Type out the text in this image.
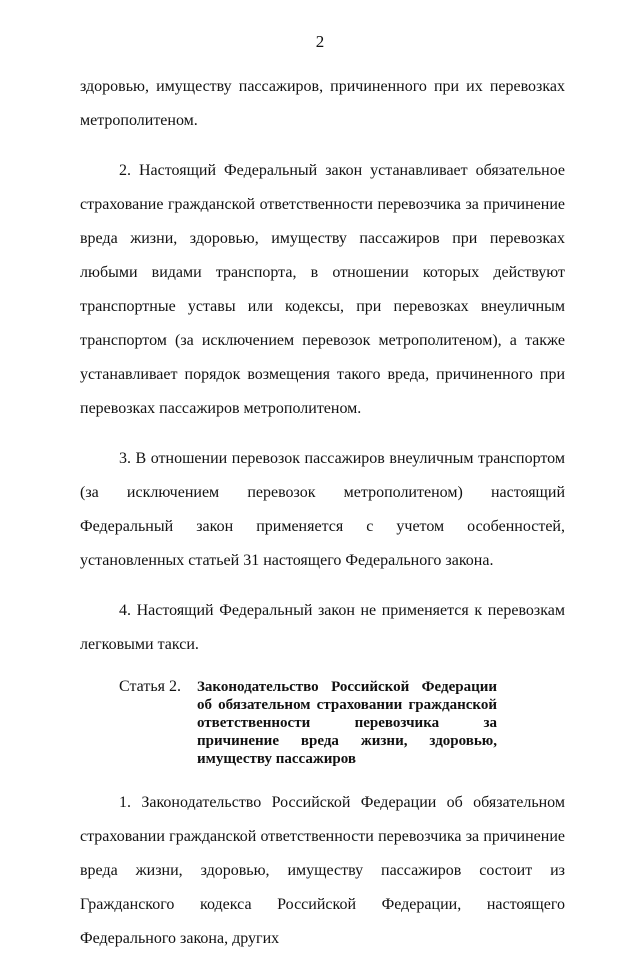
2

здоровью, имуществу пассажиров, причиненного при их перевозках метрополитеном.

2. Настоящий Федеральный закон устанавливает обязательное страхование гражданской ответственности перевозчика за причинение вреда жизни, здоровью, имуществу пассажиров при перевозках любыми видами транспорта, в отношении которых действуют транспортные уставы или кодексы, при перевозках внеуличным транспортом (за исключением перевозок метрополитеном), а также устанавливает порядок возмещения такого вреда, причиненного при перевозках пассажиров метрополитеном.

3. В отношении перевозок пассажиров внеуличным транспортом (за исключением перевозок метрополитеном) настоящий Федеральный закон применяется с учетом особенностей, установленных статьей 31 настоящего Федерального закона.

4. Настоящий Федеральный закон не применяется к перевозкам легковыми такси.

Статья 2.	Законодательство Российской Федерации об обязательном страховании гражданской ответственности перевозчика за причинение вреда жизни, здоровью, имуществу пассажиров

1. Законодательство Российской Федерации об обязательном страховании гражданской ответственности перевозчика за причинение вреда жизни, здоровью, имуществу пассажиров состоит из Гражданского кодекса Российской Федерации, настоящего Федерального закона, других
